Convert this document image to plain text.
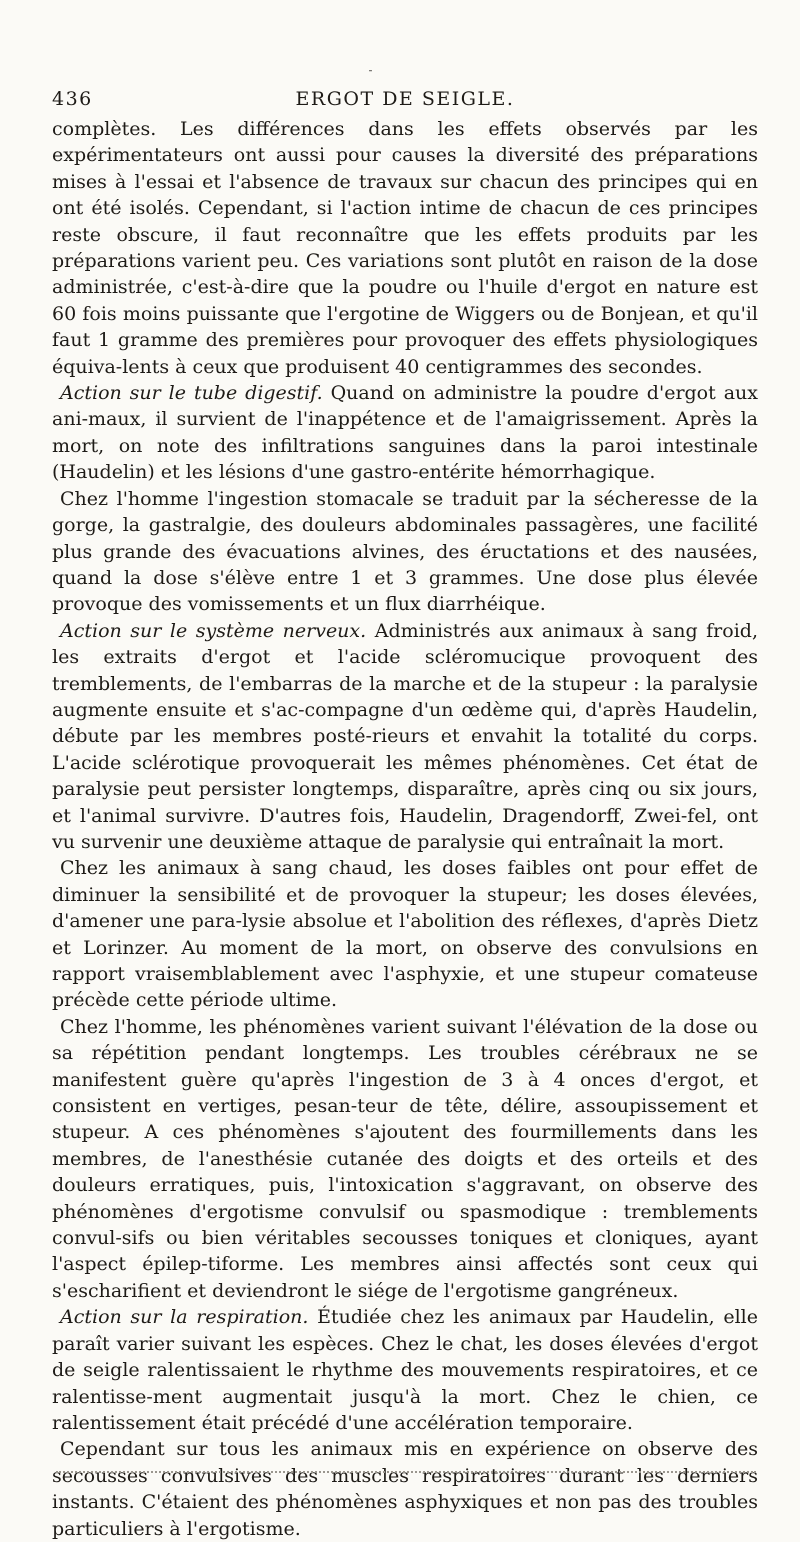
ˉ
436	ERGOT DE SEIGLE.

complètes. Les différences dans les effets observés par les expérimentateurs ont aussi pour causes la diversité des préparations mises à l'essai et l'absence de travaux sur chacun des principes qui en ont été isolés. Cependant, si l'action intime de chacun de ces principes reste obscure, il faut reconnaître que les effets produits par les préparations varient peu. Ces variations sont plutôt en raison de la dose administrée, c'est-à-dire que la poudre ou l'huile d'ergot en nature est 60 fois moins puissante que l'ergotine de Wiggers ou de Bonjean, et qu'il faut 1 gramme des premières pour provoquer des effets physiologiques équiva-lents à ceux que produisent 40 centigrammes des secondes.

Action sur le tube digestif. Quand on administre la poudre d'ergot aux ani-maux, il survient de l'inappétence et de l'amaigrissement. Après la mort, on note des infiltrations sanguines dans la paroi intestinale (Haudelin) et les lésions d'une gastro-entérite hémorrhagique.

Chez l'homme l'ingestion stomacale se traduit par la sécheresse de la gorge, la gastralgie, des douleurs abdominales passagères, une facilité plus grande des évacuations alvines, des éructations et des nausées, quand la dose s'élève entre 1 et 3 grammes. Une dose plus élevée provoque des vomissements et un flux diarrhéique.

Action sur le système nerveux. Administrés aux animaux à sang froid, les extraits d'ergot et l'acide scléromucique provoquent des tremblements, de l'embarras de la marche et de la stupeur : la paralysie augmente ensuite et s'ac-compagne d'un œdème qui, d'après Haudelin, débute par les membres posté-rieurs et envahit la totalité du corps. L'acide sclérotique provoquerait les mêmes phénomènes. Cet état de paralysie peut persister longtemps, disparaître, après cinq ou six jours, et l'animal survivre. D'autres fois, Haudelin, Dragendorff, Zwei-fel, ont vu survenir une deuxième attaque de paralysie qui entraînait la mort.

Chez les animaux à sang chaud, les doses faibles ont pour effet de diminuer la sensibilité et de provoquer la stupeur; les doses élevées, d'amener une para-lysie absolue et l'abolition des réflexes, d'après Dietz et Lorinzer. Au moment de la mort, on observe des convulsions en rapport vraisemblablement avec l'asphyxie, et une stupeur comateuse précède cette période ultime.

Chez l'homme, les phénomènes varient suivant l'élévation de la dose ou sa répétition pendant longtemps. Les troubles cérébraux ne se manifestent guère qu'après l'ingestion de 3 à 4 onces d'ergot, et consistent en vertiges, pesan-teur de tête, délire, assoupissement et stupeur. A ces phénomènes s'ajoutent des fourmillements dans les membres, de l'anesthésie cutanée des doigts et des orteils et des douleurs erratiques, puis, l'intoxication s'aggravant, on observe des phénomènes d'ergotisme convulsif ou spasmodique : tremblements convul-sifs ou bien véritables secousses toniques et cloniques, ayant l'aspect épilep-tiforme. Les membres ainsi affectés sont ceux qui s'escharifient et deviendront le siége de l'ergotisme gangréneux.

Action sur la respiration. Étudiée chez les animaux par Haudelin, elle paraît varier suivant les espèces. Chez le chat, les doses élevées d'ergot de seigle ralentissaient le rhythme des mouvements respiratoires, et ce ralentisse-ment augmentait jusqu'à la mort. Chez le chien, ce ralentissement était précédé d'une accélération temporaire.

Cependant sur tous les animaux mis en expérience on observe des secousses convulsives des muscles respiratoires durant les derniers instants. C'étaient des phénomènes asphyxiques et non pas des troubles particuliers à l'ergotisme.
